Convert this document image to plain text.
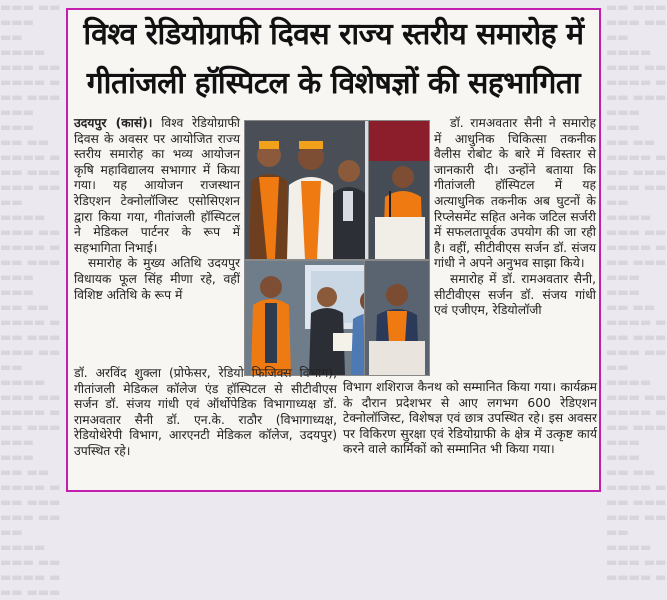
▬▬▬ ▬▬ ▬▬▬
▬▬ ▬▬▬▬
▬▬▬ ▬▬
▬▬▬▬ ▬
▬▬ ▬▬▬
▬▬▬ ▬▬▬
▬▬ ▬▬
▬▬▬▬ ▬
▬▬ ▬▬▬
▬▬▬ ▬▬
▬▬ ▬▬▬▬
▬▬▬ ▬▬
▬▬▬▬ ▬
▬▬ ▬▬▬
▬▬▬ ▬▬▬
▬▬ ▬▬
▬▬▬▬ ▬
▬▬ ▬▬▬
▬▬▬ ▬▬
▬▬ ▬▬▬▬
▬▬▬ ▬▬
▬▬▬▬ ▬
▬▬ ▬▬▬
▬▬▬ ▬▬▬
▬▬ ▬▬
▬▬▬▬ ▬
▬▬ ▬▬▬
▬▬▬ ▬▬
▬▬ ▬▬▬▬
▬▬▬ ▬▬
▬▬▬▬ ▬
▬▬ ▬▬▬
▬▬ ▬▬▬
▬▬▬ ▬▬
▬▬ ▬▬▬▬
▬▬▬ ▬▬
▬▬▬▬ ▬
▬▬ ▬▬▬
▬▬▬ ▬▬▬
▬▬ ▬▬
▬▬▬▬ ▬
▬▬ ▬▬▬
▬▬▬ ▬▬
▬▬ ▬▬▬▬
▬▬▬ ▬▬
▬▬▬▬ ▬
▬▬ ▬▬▬
▬▬▬ ▬▬▬
▬▬ ▬▬
▬▬▬▬ ▬
▬▬ ▬▬▬
▬▬▬ ▬▬
▬▬ ▬▬▬▬
▬▬▬ ▬▬
▬▬▬▬ ▬
▬▬ ▬▬▬
▬▬▬ ▬▬▬
▬▬ ▬▬
▬▬▬▬ ▬
▬▬ ▬▬▬
▬▬▬ ▬▬
▬▬ ▬▬▬▬
▬▬▬ ▬▬
▬▬▬▬ ▬
विश्व रेडियोग्राफी दिवस राज्य स्तरीय समारोह में
गीतांजली हॉस्पिटल के विशेषज्ञों की सहभागिता

उदयपुर (कासं)। विश्व रेडियोग्राफी दिवस के अवसर पर आयोजित राज्य स्तरीय समारोह का भव्य आयोजन कृषि महाविद्यालय सभागार में किया गया। यह आयोजन राजस्थान रेडिएशन टेक्नोलॉजिस्ट एसोसिएशन द्वारा किया गया, गीतांजली हॉस्पिटल ने मेडिकल पार्टनर के रूप में सहभागिता निभाई।

समारोह के मुख्य अतिथि उदयपुर विधायक फूल सिंह मीणा रहे, वहीं विशिष्ट अतिथि के रूप में

डॉ. रामअवतार सैनी ने समारोह में आधुनिक चिकित्सा तकनीक वैलीस रोबोट के बारे में विस्तार से जानकारी दी। उन्होंने बताया कि गीतांजली हॉस्पिटल में यह अत्याधुनिक तकनीक अब घुटनों के रिप्लेसमेंट सहित अनेक जटिल सर्जरी में सफलतापूर्वक उपयोग की जा रही है। वहीं, सीटीवीएस सर्जन डॉ. संजय गांधी ने अपने अनुभव साझा किये।

समारोह में डॉ. रामअवतार सैनी, सीटीवीएस सर्जन डॉ. संजय गांधी एवं एजीएम, रेडियोलॉजी

डॉ. अरविंद शुक्ला (प्रोफेसर, रेडियो फिजिक्स विभाग), गीतांजली मेडिकल कॉलेज एंड हॉस्पिटल से सीटीवीएस सर्जन डॉ. संजय गांधी एवं ऑर्थोपेडिक विभागाध्यक्ष डॉ. रामअवतार सैनी डॉ. एन.के. राठौर (विभागाध्यक्ष, रेडियोथेरेपी विभाग, आरएनटी मेडिकल कॉलेज, उदयपुर) उपस्थित रहे।
विभाग शशिराज कैनथ को सम्मानित किया गया। कार्यक्रम के दौरान प्रदेशभर से आए लगभग 600 रेडिएशन टेक्नोलॉजिस्ट, विशेषज्ञ एवं छात्र उपस्थित रहे। इस अवसर पर विकिरण सुरक्षा एवं रेडियोग्राफी के क्षेत्र में उत्कृष्ट कार्य करने वाले कार्मिकों को सम्मानित भी किया गया।
